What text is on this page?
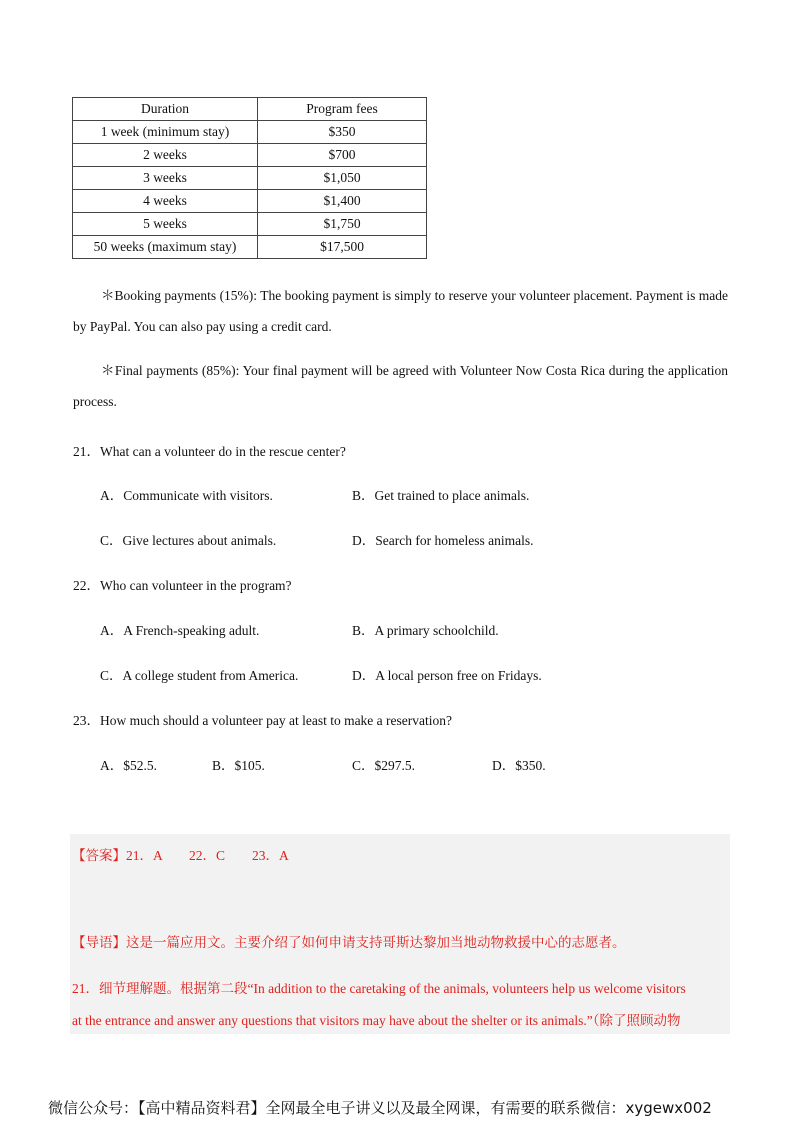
Duration	Program fees
1 week (minimum stay)	$350
2 weeks	$700
3 weeks	$1,050
4 weeks	$1,400
5 weeks	$1,750
50 weeks (maximum stay)	$17,500
＊Booking payments (15%): The booking payment is simply to reserve your volunteer placement. Payment is made by PayPal. You can also pay using a credit card.
＊Final payments (85%): Your final payment will be agreed with Volunteer Now Costa Rica during the application process.
21．What can a volunteer do in the rescue center?
A．Communicate with visitors.	B．Get trained to place animals.
C．Give lectures about animals.	D．Search for homeless animals.
22．Who can volunteer in the program?
A．A French-speaking adult.	B．A primary schoolchild.
C．A college student from America.	D．A local person free on Fridays.
23．How much should a volunteer pay at least to make a reservation?
A．$52.5.	B．$105.	C．$297.5.	D．$350.
【答案】21．A　　22．C　　23．A
【导语】这是一篇应用文。主要介绍了如何申请支持哥斯达黎加当地动物救援中心的志愿者。
21．细节理解题。根据第二段“In addition to the caretaking of the animals, volunteers help us welcome visitors
at the entrance and answer any questions that visitors may have about the shelter or its animals.”（除了照顾动物
微信公众号：【高中精品资料君】全网最全电子讲义以及最全网课，有需要的联系微信：xygewx002
